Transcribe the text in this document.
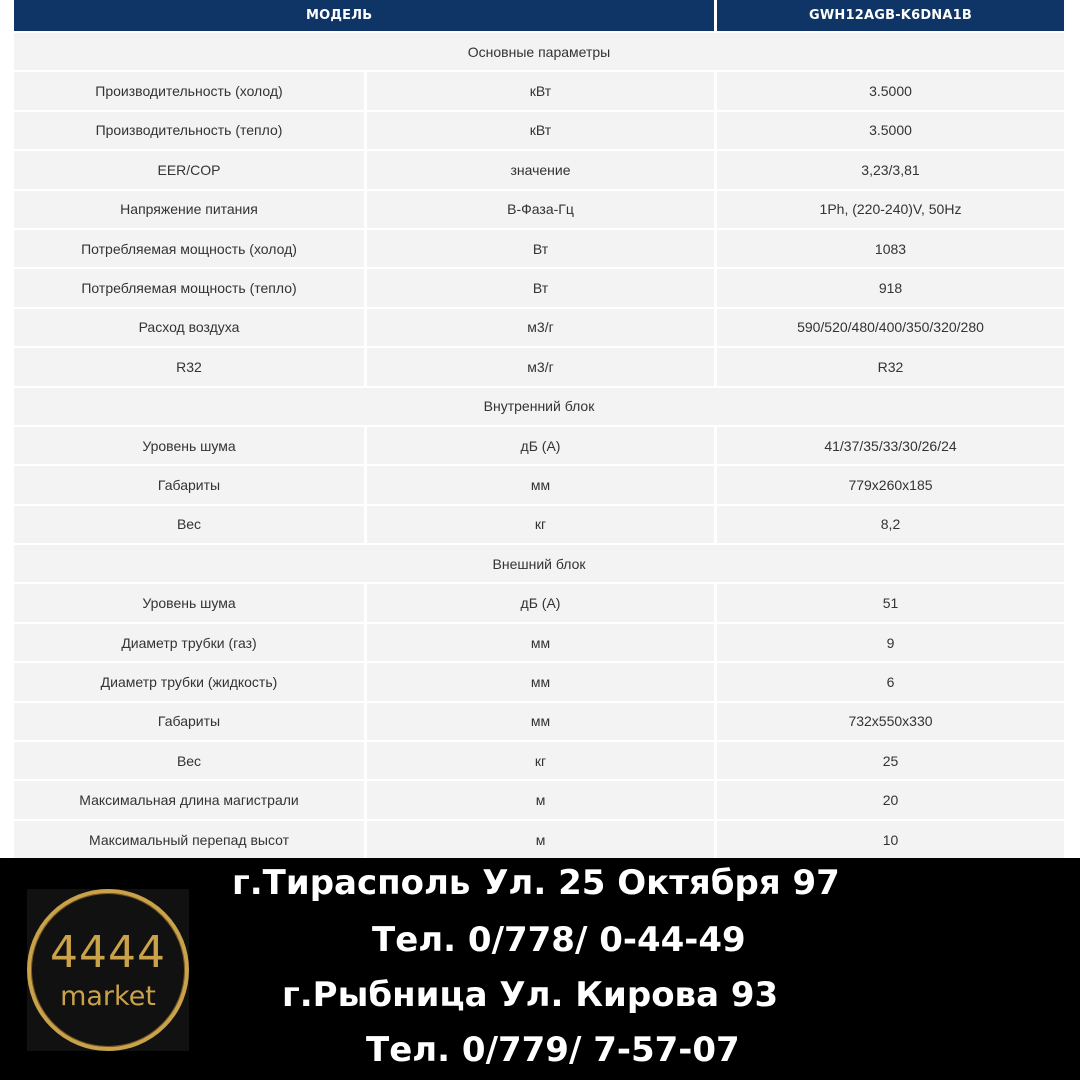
МОДЕЛЬ		GWH12AGB-K6DNA1B
Основные параметры		
Производительность (холод)	кВт	3.5000
Производительность (тепло)	кВт	3.5000
EER/COP	значение	3,23/3,81
Напряжение питания	В-Фаза-Гц	1Ph, (220-240)V, 50Hz
Потребляемая мощность (холод)	Вт	1083
Потребляемая мощность (тепло)	Вт	918
Расход воздуха	м3/г	590/520/480/400/350/320/280
R32	м3/г	R32
Внутренний блок		
Уровень шума	дБ (А)	41/37/35/33/30/26/24
Габариты	мм	779x260x185
Вес	кг	8,2
Внешний блок		
Уровень шума	дБ (А)	51
Диаметр трубки (газ)	мм	9
Диаметр трубки (жидкость)	мм	6
Габариты	мм	732x550x330
Вес	кг	25
Максимальная длина магистрали	м	20
Максимальный перепад высот	м	10
4444
market
г.Тирасполь Ул. 25 Октября 97
Тел. 0/778/ 0-44-49
г.Рыбница Ул. Кирова 93
Тел. 0/779/ 7-57-07
